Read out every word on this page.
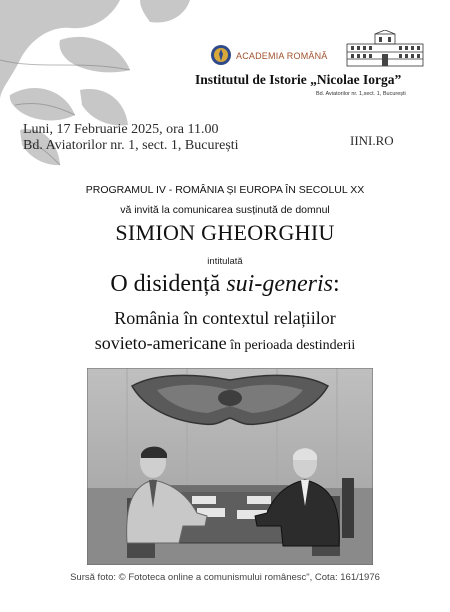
ACADEMIA ROMÂNĂ
Institutul de Istorie „Nicolae Iorga”
Bd. Aviatorilor nr. 1,sect. 1, București
Luni, 17 Februarie 2025, ora 11.00
Bd. Aviatorilor nr. 1, sect. 1, București	IINI.RO
PROGRAMUL IV - ROMÂNIA ȘI EUROPA ÎN SECOLUL XX
vă invită la comunicarea susținută de domnul
SIMION GHEORGHIU
intitulată
O disidență sui-generis:
România în contextul relațiilor
sovieto-americane în perioada destinderii
Sursă foto: © Fototeca online a comunismului românesc", Cota: 161/1976
